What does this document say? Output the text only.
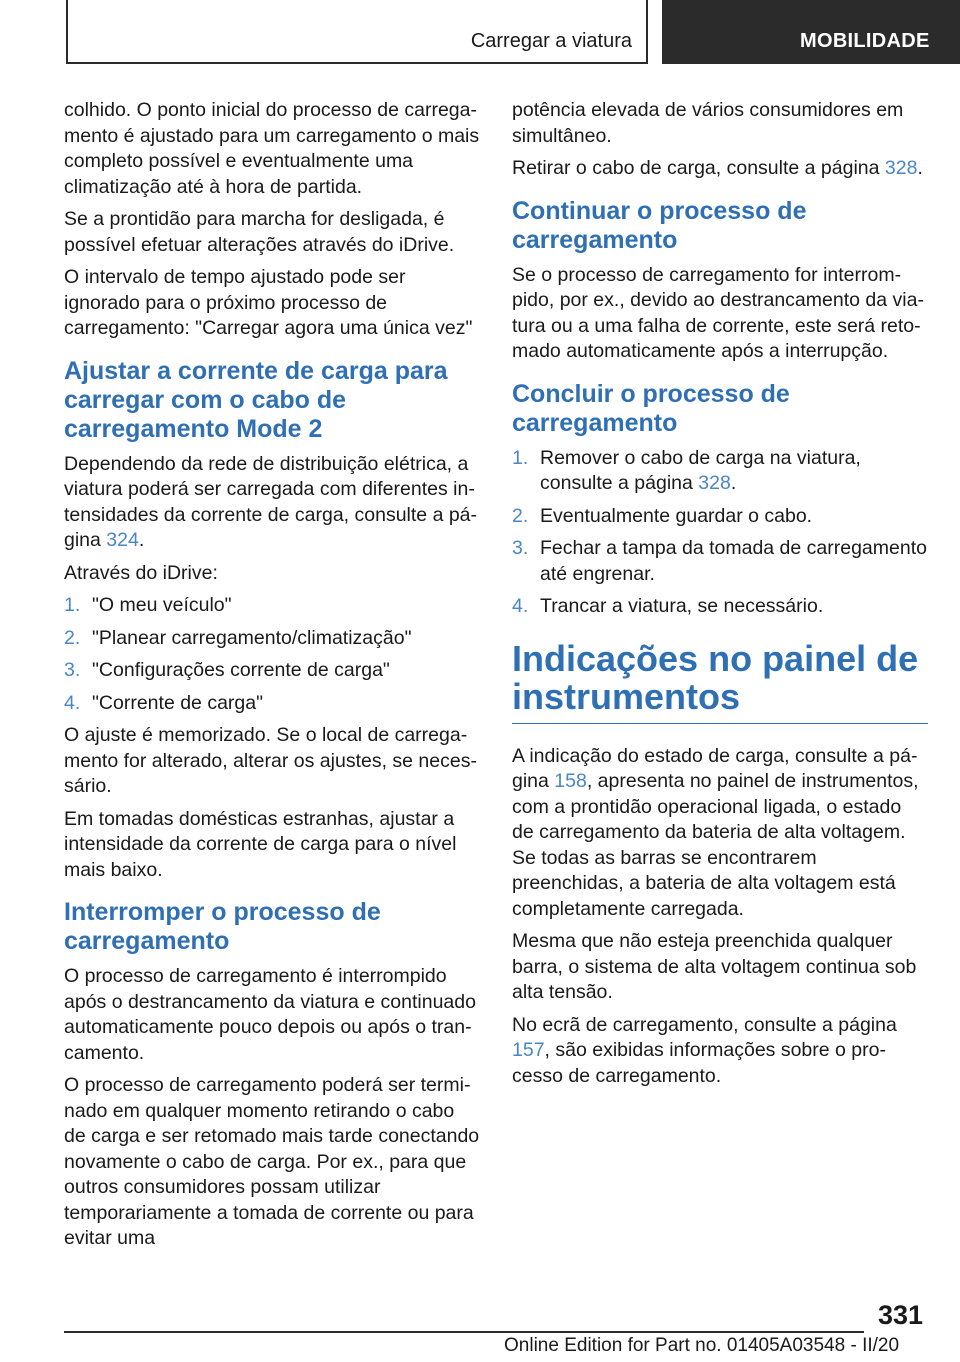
Carregar a viatura	MOBILIDADE

colhido. O ponto inicial do processo de carregamento é ajustado para um carregamento o mais completo possível e eventualmente uma climatização até à hora de partida.

Se a prontidão para marcha for desligada, é possível efetuar alterações através do iDrive.

O intervalo de tempo ajustado pode ser ignorado para o próximo processo de carregamento: "Carregar agora uma única vez"

Ajustar a corrente de carga para carregar com o cabo de carregamento Mode 2

Dependendo da rede de distribuição elétrica, a viatura poderá ser carregada com diferentes intensidades da corrente de carga, consulte a página 324.

Através do iDrive:

1. "O meu veículo"
2. "Planear carregamento/climatização"
3. "Configurações corrente de carga"
4. "Corrente de carga"

O ajuste é memorizado. Se o local de carregamento for alterado, alterar os ajustes, se necessário.

Em tomadas domésticas estranhas, ajustar a intensidade da corrente de carga para o nível mais baixo.

Interromper o processo de carregamento

O processo de carregamento é interrompido após o destrancamento da viatura e continuado automaticamente pouco depois ou após o trancamento.

O processo de carregamento poderá ser terminado em qualquer momento retirando o cabo de carga e ser retomado mais tarde conectando novamente o cabo de carga. Por ex., para que outros consumidores possam utilizar temporariamente a tomada de corrente ou para evitar uma

potência elevada de vários consumidores em simultâneo.

Retirar o cabo de carga, consulte a página 328.

Continuar o processo de carregamento

Se o processo de carregamento for interrompido, por ex., devido ao destrancamento da viatura ou a uma falha de corrente, este será retomado automaticamente após a interrupção.

Concluir o processo de carregamento
1. Remover o cabo de carga na viatura, consulte a página 328.
2. Eventualmente guardar o cabo.
3. Fechar a tampa da tomada de carregamento até engrenar.
4. Trancar a viatura, se necessário.
Indicações no painel de instrumentos

A indicação do estado de carga, consulte a página 158, apresenta no painel de instrumentos, com a prontidão operacional ligada, o estado de carregamento da bateria de alta voltagem. Se todas as barras se encontrarem preenchidas, a bateria de alta voltagem está completamente carregada.

Mesma que não esteja preenchida qualquer barra, o sistema de alta voltagem continua sob alta tensão.

No ecrã de carregamento, consulte a página 157, são exibidas informações sobre o processo de carregamento.

331
Online Edition for Part no. 01405A03548 - II/20
